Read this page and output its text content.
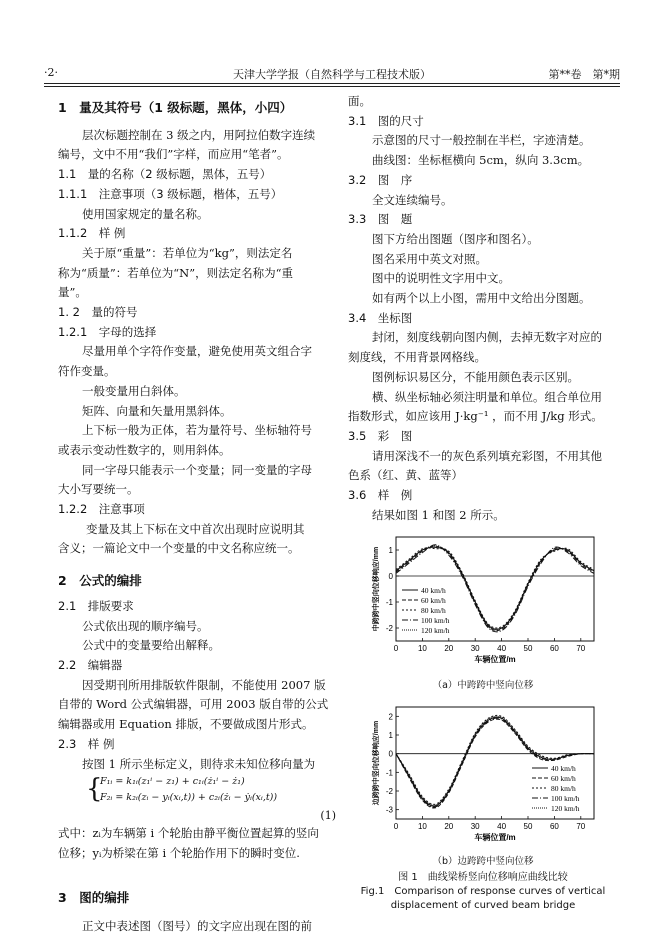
·2·	天津大学学报（自然科学与工程技术版）	第**卷　第*期

1　量及其符号（1 级标题，黑体，小四）

层次标题控制在 3 级之内，用阿拉伯数字连续

编号，文中不用“我们”字样，而应用“笔者”。

1.1　量的名称（2 级标题，黑体，五号）

1.1.1　注意事项（3 级标题，楷体，五号）

使用国家规定的量名称。

1.1.2　样 例

关于原“重量”：若单位为“kg”，则法定名

称为“质量”：若单位为“N”，则法定名称为“重

量”。

1. 2　量的符号

1.2.1　字母的选择

尽量用单个字符作变量，避免使用英文组合字

符作变量。

一般变量用白斜体。

矩阵、向量和矢量用黑斜体。

上下标一般为正体，若为量符号、坐标轴符号

或表示变动性数字的，则用斜体。

同一字母只能表示一个变量；同一变量的字母

大小写要统一。

1.2.2　注意事项

变量及其上下标在文中首次出现时应说明其

含义；一篇论文中一个变量的中文名称应统一。

2　公式的编排

2.1　排版要求

公式依出现的顺序编号。

公式中的变量要给出解释。

2.2　编辑器

因受期刊所用排版软件限制，不能使用 2007 版

自带的 Word 公式编辑器，可用 2003 版自带的公式

编辑器或用 Equation 排版，不要做成图片形式。

2.3　样 例

按图 1 所示坐标定义，則待求未知位移向量为

{
F₁ᵢ = k₁ᵢ(z₁ⁱ − z₁) + c₁ᵢ(ż₁ⁱ − ż₁)
F₂ᵢ = k₂ᵢ(zᵢ − yᵢ(xᵢ,t)) + c₂ᵢ(żᵢ − ẏᵢ(xᵢ,t))

(1)

式中：zᵢ为车辆第 i 个轮胎由静平衡位置起算的竖向

位移；yᵢ为桥梁在第 i 个轮胎作用下的瞬时变位.

3　图的编排

正文中表述图（图号）的文字应出现在图的前

面。

3.1　图的尺寸

示意图的尺寸一般控制在半栏，字迹清楚。

曲线图：坐标框横向 5cm，纵向 3.3cm。

3.2　图　序

全文连续编号。

3.3　图　题

图下方给出图题（图序和图名）。

图名采用中英文对照。

图中的说明性文字用中文。

如有两个以上小图，需用中文给出分图题。

3.4　坐标图

封闭，刻度线朝向图内侧，去掉无数字对应的

刻度线，不用背景网格线。

图例标识易区分，不能用颜色表示区别。

横、纵坐标轴必须注明量和单位。组合单位用

指数形式，如应该用 J·kg⁻¹ ，而不用 J/kg 形式。

3.5　彩　图

请用深浅不一的灰色系列填充彩图，不用其他

色系（红、黄、蓝等）

3.6　样　例

结果如图 1 和图 2 所示。

0 10 20 30 40 50 60 70
-2
-1
0
1
车辆位置/m
中跨跨中竖向位移响应/mm	40 km/h
60 km/h
80 km/h
100 km/h
120 km/h

（a）中跨跨中竖向位移

0 10 20 30 40 50 60 70
-3
-2
-1
0
1
2
车辆位置/m
边跨跨中竖向位移响应/mm	40 km/h
60 km/h
80 km/h
100 km/h
120 km/h

（b）边跨跨中竖向位移

图 1　曲线梁桥竖向位移响应曲线比较

Fig.1　Comparison of response curves of vertical

displacement of curved beam bridge
